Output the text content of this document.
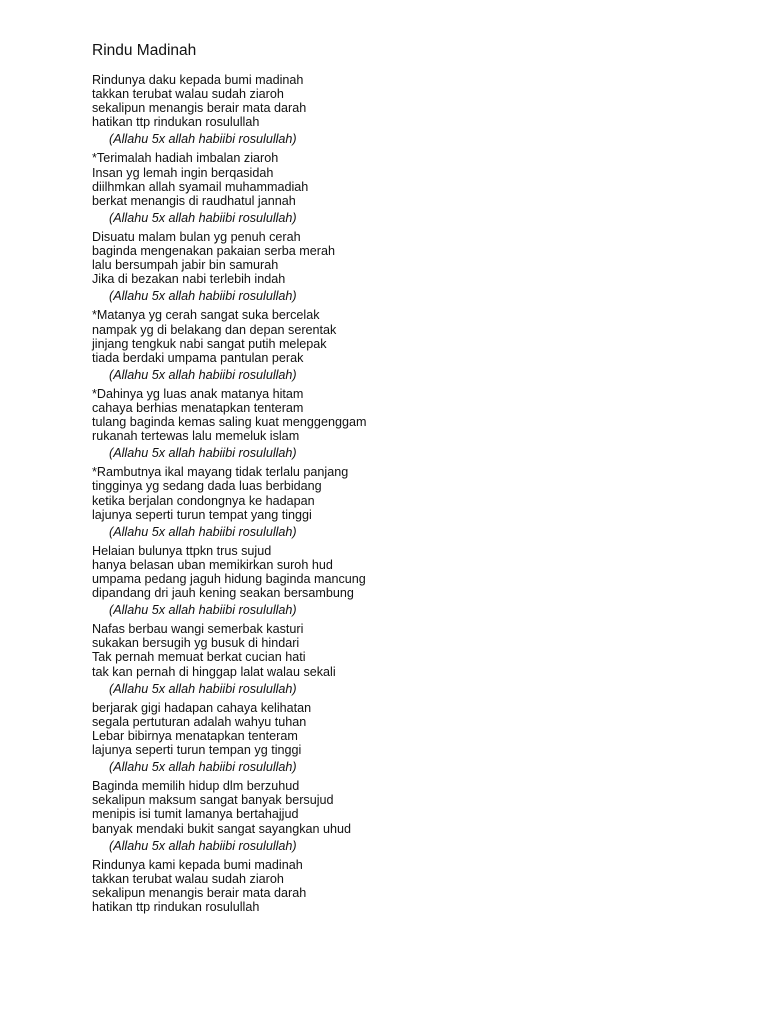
Rindu Madinah
Rindunya daku kepada bumi madinah
takkan terubat walau sudah ziaroh
sekalipun menangis berair mata darah
hatikan ttp rindukan rosulullah
(Allahu 5x allah habiibi rosulullah)
*Terimalah hadiah imbalan ziaroh
Insan yg lemah ingin berqasidah
diilhmkan allah syamail muhammadiah
berkat menangis di raudhatul jannah
(Allahu 5x allah habiibi rosulullah)
Disuatu malam bulan yg penuh cerah
baginda mengenakan pakaian serba merah
lalu bersumpah jabir bin samurah
Jika di bezakan nabi terlebih indah
(Allahu 5x allah habiibi rosulullah)
*Matanya yg cerah sangat suka bercelak
nampak yg di belakang dan depan serentak
jinjang tengkuk nabi sangat putih melepak
tiada berdaki umpama pantulan perak
(Allahu 5x allah habiibi rosulullah)
*Dahinya yg luas anak matanya hitam
cahaya berhias menatapkan tenteram
tulang baginda kemas saling kuat menggenggam
rukanah tertewas lalu memeluk islam
(Allahu 5x allah habiibi rosulullah)
*Rambutnya ikal mayang tidak terlalu panjang
tingginya yg sedang dada luas berbidang
ketika berjalan condongnya ke hadapan
lajunya seperti turun tempat yang tinggi
(Allahu 5x allah habiibi rosulullah)
Helaian bulunya ttpkn trus sujud
hanya belasan uban memikirkan suroh hud
umpama pedang jaguh hidung baginda mancung
dipandang dri jauh kening seakan bersambung
(Allahu 5x allah habiibi rosulullah)
Nafas berbau wangi semerbak kasturi
sukakan bersugih yg busuk di hindari
Tak pernah memuat berkat cucian hati
tak kan pernah di hinggap lalat walau sekali
(Allahu 5x allah habiibi rosulullah)
berjarak gigi hadapan cahaya kelihatan
segala pertuturan adalah wahyu tuhan
Lebar bibirnya menatapkan tenteram
lajunya seperti turun tempan yg tinggi
(Allahu 5x allah habiibi rosulullah)
Baginda memilih hidup dlm berzuhud
sekalipun maksum sangat banyak bersujud
menipis isi tumit lamanya bertahajjud
banyak mendaki bukit sangat sayangkan uhud
(Allahu 5x allah habiibi rosulullah)
Rindunya kami kepada bumi madinah
takkan terubat walau sudah ziaroh
sekalipun menangis berair mata darah
hatikan ttp rindukan rosulullah
